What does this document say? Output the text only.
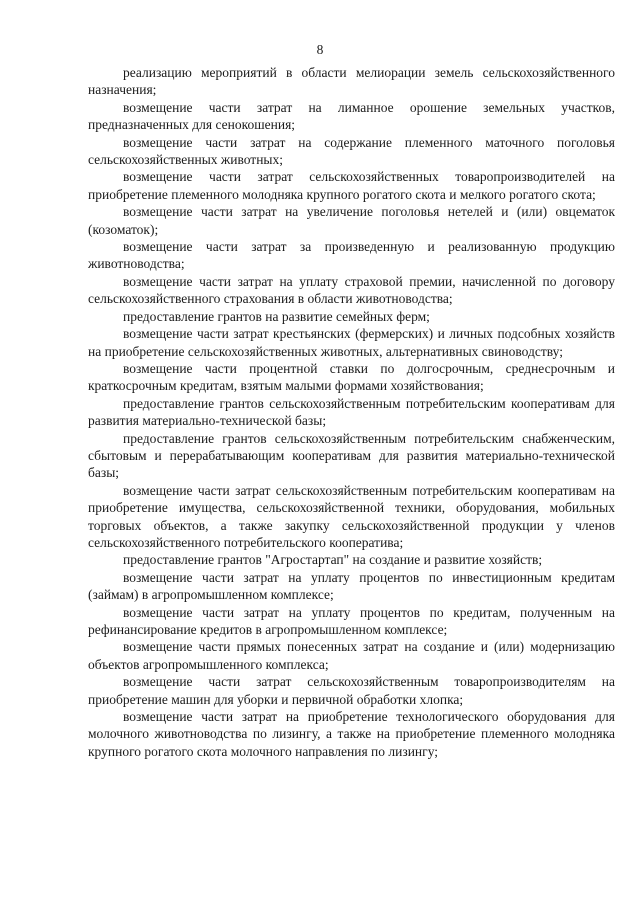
8

реализацию мероприятий в области мелиорации земель сельскохозяйственного назначения;

возмещение части затрат на лиманное орошение земельных участков, предназначенных для сенокошения;

возмещение части затрат на содержание племенного маточного поголовья сельскохозяйственных животных;

возмещение части затрат сельскохозяйственных товаропроизводителей на приобретение племенного молодняка крупного рогатого скота и мелкого рогатого скота;

возмещение части затрат на увеличение поголовья нетелей и (или) овцематок (козоматок);

возмещение части затрат за произведенную и реализованную продукцию животноводства;

возмещение части затрат на уплату страховой премии, начисленной по договору сельскохозяйственного страхования в области животноводства;

предоставление грантов на развитие семейных ферм;

возмещение части затрат крестьянских (фермерских) и личных подсобных хозяйств на приобретение сельскохозяйственных животных, альтернативных свиноводству;

возмещение части процентной ставки по долгосрочным, среднесрочным и краткосрочным кредитам, взятым малыми формами хозяйствования;

предоставление грантов сельскохозяйственным потребительским кооперативам для развития материально-технической базы;

предоставление грантов сельскохозяйственным потребительским снабженческим, сбытовым и перерабатывающим кооперативам для развития материально-технической базы;

возмещение части затрат сельскохозяйственным потребительским кооперативам на приобретение имущества, сельскохозяйственной техники, оборудования, мобильных торговых объектов, а также закупку сельскохозяйственной продукции у членов сельскохозяйственного потребительского кооператива;

предоставление грантов "Агростартап" на создание и развитие хозяйств;

возмещение части затрат на уплату процентов по инвестиционным кредитам (займам) в агропромышленном комплексе;

возмещение части затрат на уплату процентов по кредитам, полученным на рефинансирование кредитов в агропромышленном комплексе;

возмещение части прямых понесенных затрат на создание и (или) модернизацию объектов агропромышленного комплекса;

возмещение части затрат сельскохозяйственным товаропроизводителям на приобретение машин для уборки и первичной обработки хлопка;

возмещение части затрат на приобретение технологического оборудования для молочного животноводства по лизингу, а также на приобретение племенного молодняка крупного рогатого скота молочного направления по лизингу;
